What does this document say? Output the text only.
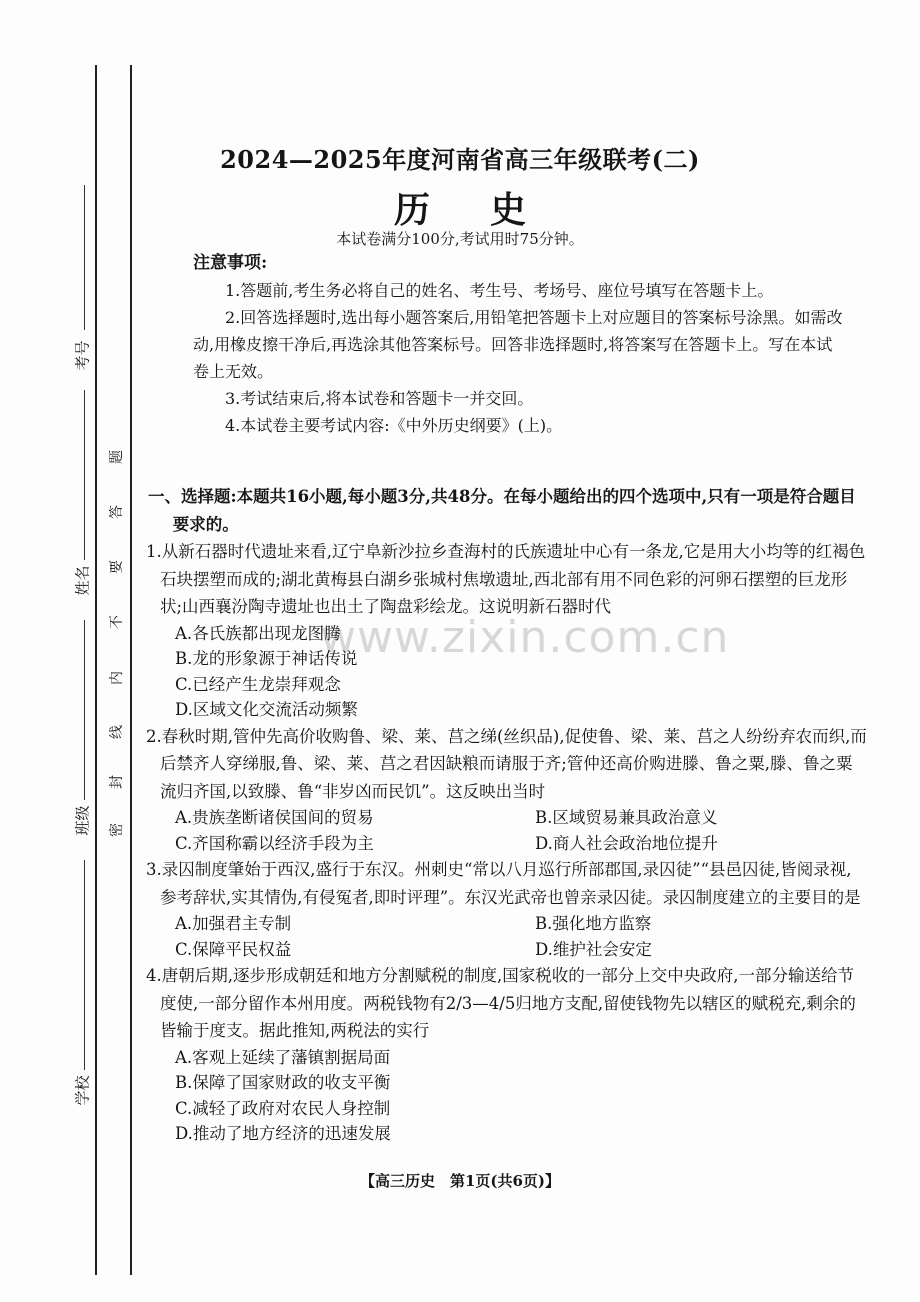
考号
姓名
班级
学校
密
封
线
内
不
要
答
题
2024—2025年度河南省高三年级联考(二)
历 史
本试卷满分100分,考试用时75分钟。
注意事项:

1.答题前,考生务必将自己的姓名、考生号、考场号、座位号填写在答题卡上。

2.回答选择题时,选出每小题答案后,用铅笔把答题卡上对应题目的答案标号涂黑。如需改动,用橡皮擦干净后,再选涂其他答案标号。回答非选择题时,将答案写在答题卡上。写在本试卷上无效。

3.考试结束后,将本试卷和答题卡一并交回。

4.本试卷主要考试内容:《中外历史纲要》(上)。

www.zixin.com.cn

一、选择题:本题共16小题,每小题3分,共48分。在每小题给出的四个选项中,只有一项是符合题目要求的。

1.从新石器时代遗址来看,辽宁阜新沙拉乡查海村的氏族遗址中心有一条龙,它是用大小均等的红褐色石块摆塑而成的;湖北黄梅县白湖乡张城村焦墩遗址,西北部有用不同色彩的河卵石摆塑的巨龙形状;山西襄汾陶寺遗址也出土了陶盘彩绘龙。这说明新石器时代

A.各氏族都出现龙图腾
B.龙的形象源于神话传说
C.已经产生龙崇拜观念
D.区域文化交流活动频繁

2.春秋时期,管仲先高价收购鲁、梁、莱、莒之绨(丝织品),促使鲁、梁、莱、莒之人纷纷弃农而织,而后禁齐人穿绨服,鲁、梁、莱、莒之君因缺粮而请服于齐;管仲还高价购进滕、鲁之粟,滕、鲁之粟流归齐国,以致滕、鲁“非岁凶而民饥”。这反映出当时

A.贵族垄断诸侯国间的贸易	B.区域贸易兼具政治意义
C.齐国称霸以经济手段为主	D.商人社会政治地位提升

3.录囚制度肇始于西汉,盛行于东汉。州刺史“常以八月巡行所部郡国,录囚徒”“县邑囚徒,皆阅录视,参考辞状,实其情伪,有侵冤者,即时评理”。东汉光武帝也曾亲录囚徒。录囚制度建立的主要目的是

A.加强君主专制	B.强化地方监察
C.保障平民权益	D.维护社会安定

4.唐朝后期,逐步形成朝廷和地方分割赋税的制度,国家税收的一部分上交中央政府,一部分输送给节度使,一部分留作本州用度。两税钱物有2/3—4/5归地方支配,留使钱物先以辖区的赋税充,剩余的皆输于度支。据此推知,两税法的实行

A.客观上延续了藩镇割据局面
B.保障了国家财政的收支平衡
C.减轻了政府对农民人身控制
D.推动了地方经济的迅速发展
【高三历史　第1页(共6页)】
